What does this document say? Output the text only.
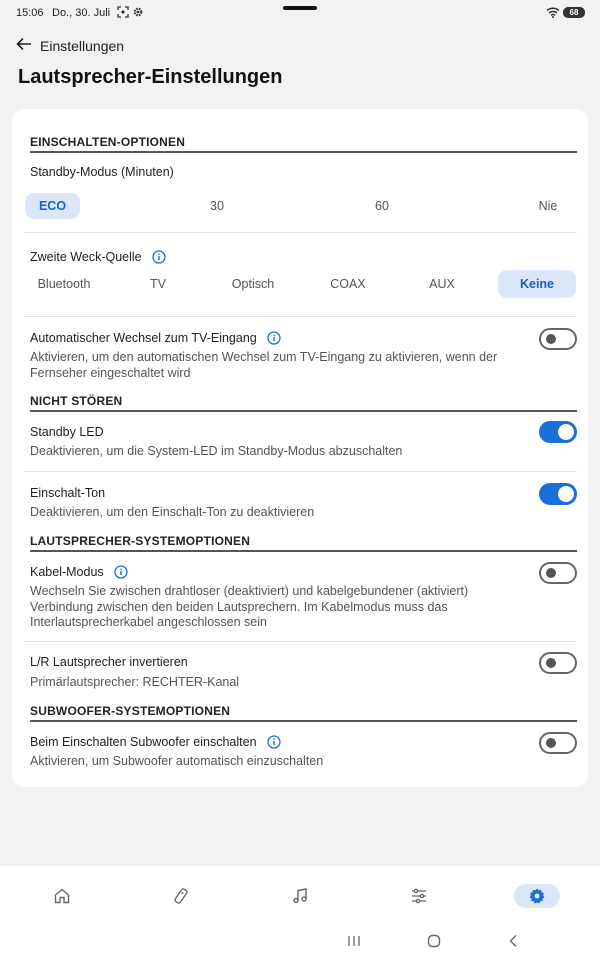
15:06 Do., 30. Juli	68
Einstellungen
Lautsprecher-Einstellungen
EINSCHALTEN-OPTIONEN
Standby-Modus (Minuten)
ECO	30	60	Nie
Zweite Weck-Quelle
Bluetooth	TV	Optisch	COAX	AUX	Keine
Automatischer Wechsel zum TV-Eingang
Aktivieren, um den automatischen Wechsel zum TV-Eingang zu aktivieren, wenn der Fernseher eingeschaltet wird
NICHT STÖREN
Standby LED
Deaktivieren, um die System-LED im Standby-Modus abzuschalten
Einschalt-Ton
Deaktivieren, um den Einschalt-Ton zu deaktivieren
LAUTSPRECHER-SYSTEMOPTIONEN
Kabel-Modus
Wechseln Sie zwischen drahtloser (deaktiviert) und kabelgebundener (aktiviert) Verbindung zwischen den beiden Lautsprechern. Im Kabelmodus muss das Interlautsprecherkabel angeschlossen sein
L/R Lautsprecher invertieren
Primärlautsprecher: RECHTER-Kanal
SUBWOOFER-SYSTEMOPTIONEN
Beim Einschalten Subwoofer einschalten
Aktivieren, um Subwoofer automatisch einzuschalten
